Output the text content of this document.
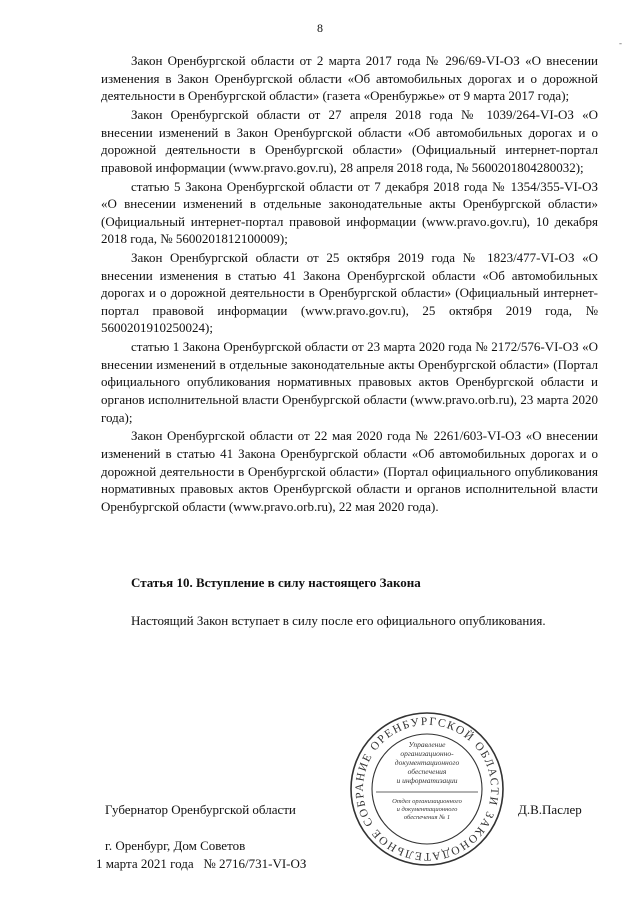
8
-

Закон Оренбургской области от 2 марта 2017 года № 296/69-VI-ОЗ «О внесении изменения в Закон Оренбургской области «Об автомобильных дорогах и о дорожной деятельности в Оренбургской области» (газета «Оренбуржье» от 9 марта 2017 года);

Закон Оренбургской области от 27 апреля 2018 года № 1039/264-VI-ОЗ «О внесении изменений в Закон Оренбургской области «Об автомобильных дорогах и о дорожной деятельности в Оренбургской области» (Официальный интернет-портал правовой информации (www.pravo.gov.ru), 28 апреля 2018 года, № 5600201804280032);

статью 5 Закона Оренбургской области от 7 декабря 2018 года № 1354/355-VI-ОЗ «О внесении изменений в отдельные законодательные акты Оренбургской области» (Официальный интернет-портал правовой информации (www.pravo.gov.ru), 10 декабря 2018 года, № 5600201812100009);

Закон Оренбургской области от 25 октября 2019 года № 1823/477-VI-ОЗ «О внесении изменения в статью 41 Закона Оренбургской области «Об автомобильных дорогах и о дорожной деятельности в Оренбургской области» (Официальный интернет-портал правовой информации (www.pravo.gov.ru), 25 октября 2019 года, № 5600201910250024);

статью 1 Закона Оренбургской области от 23 марта 2020 года № 2172/576-VI-ОЗ «О внесении изменений в отдельные законодательные акты Оренбургской области» (Портал официального опубликования нормативных правовых актов Оренбургской области и органов исполнительной власти Оренбургской области (www.pravo.orb.ru), 23 марта 2020 года);

Закон Оренбургской области от 22 мая 2020 года № 2261/603-VI-ОЗ «О внесении изменений в статью 41 Закона Оренбургской области «Об автомобильных дорогах и о дорожной деятельности в Оренбургской области» (Портал официального опубликования нормативных правовых актов Оренбургской области и органов исполнительной власти Оренбургской области (www.pravo.orb.ru), 22 мая 2020 года).

Статья 10. Вступление в силу настоящего Закона

Настоящий Закон вступает в силу после его официального опубликования.

ЗАКОНОДАТЕЛЬНОЕ СОБРАНИЕ ОРЕНБУРГСКОЙ ОБЛАСТИ
Управление
организационно-
документационного
обеспечения
и информатизации
Отдел организационного
и документационного
обеспечения № 1
Губернатор Оренбургской области	Д.В.Паслер
г. Оренбург, Дом Советов
1 марта 2021 года   № 2716/731-VI-ОЗ
